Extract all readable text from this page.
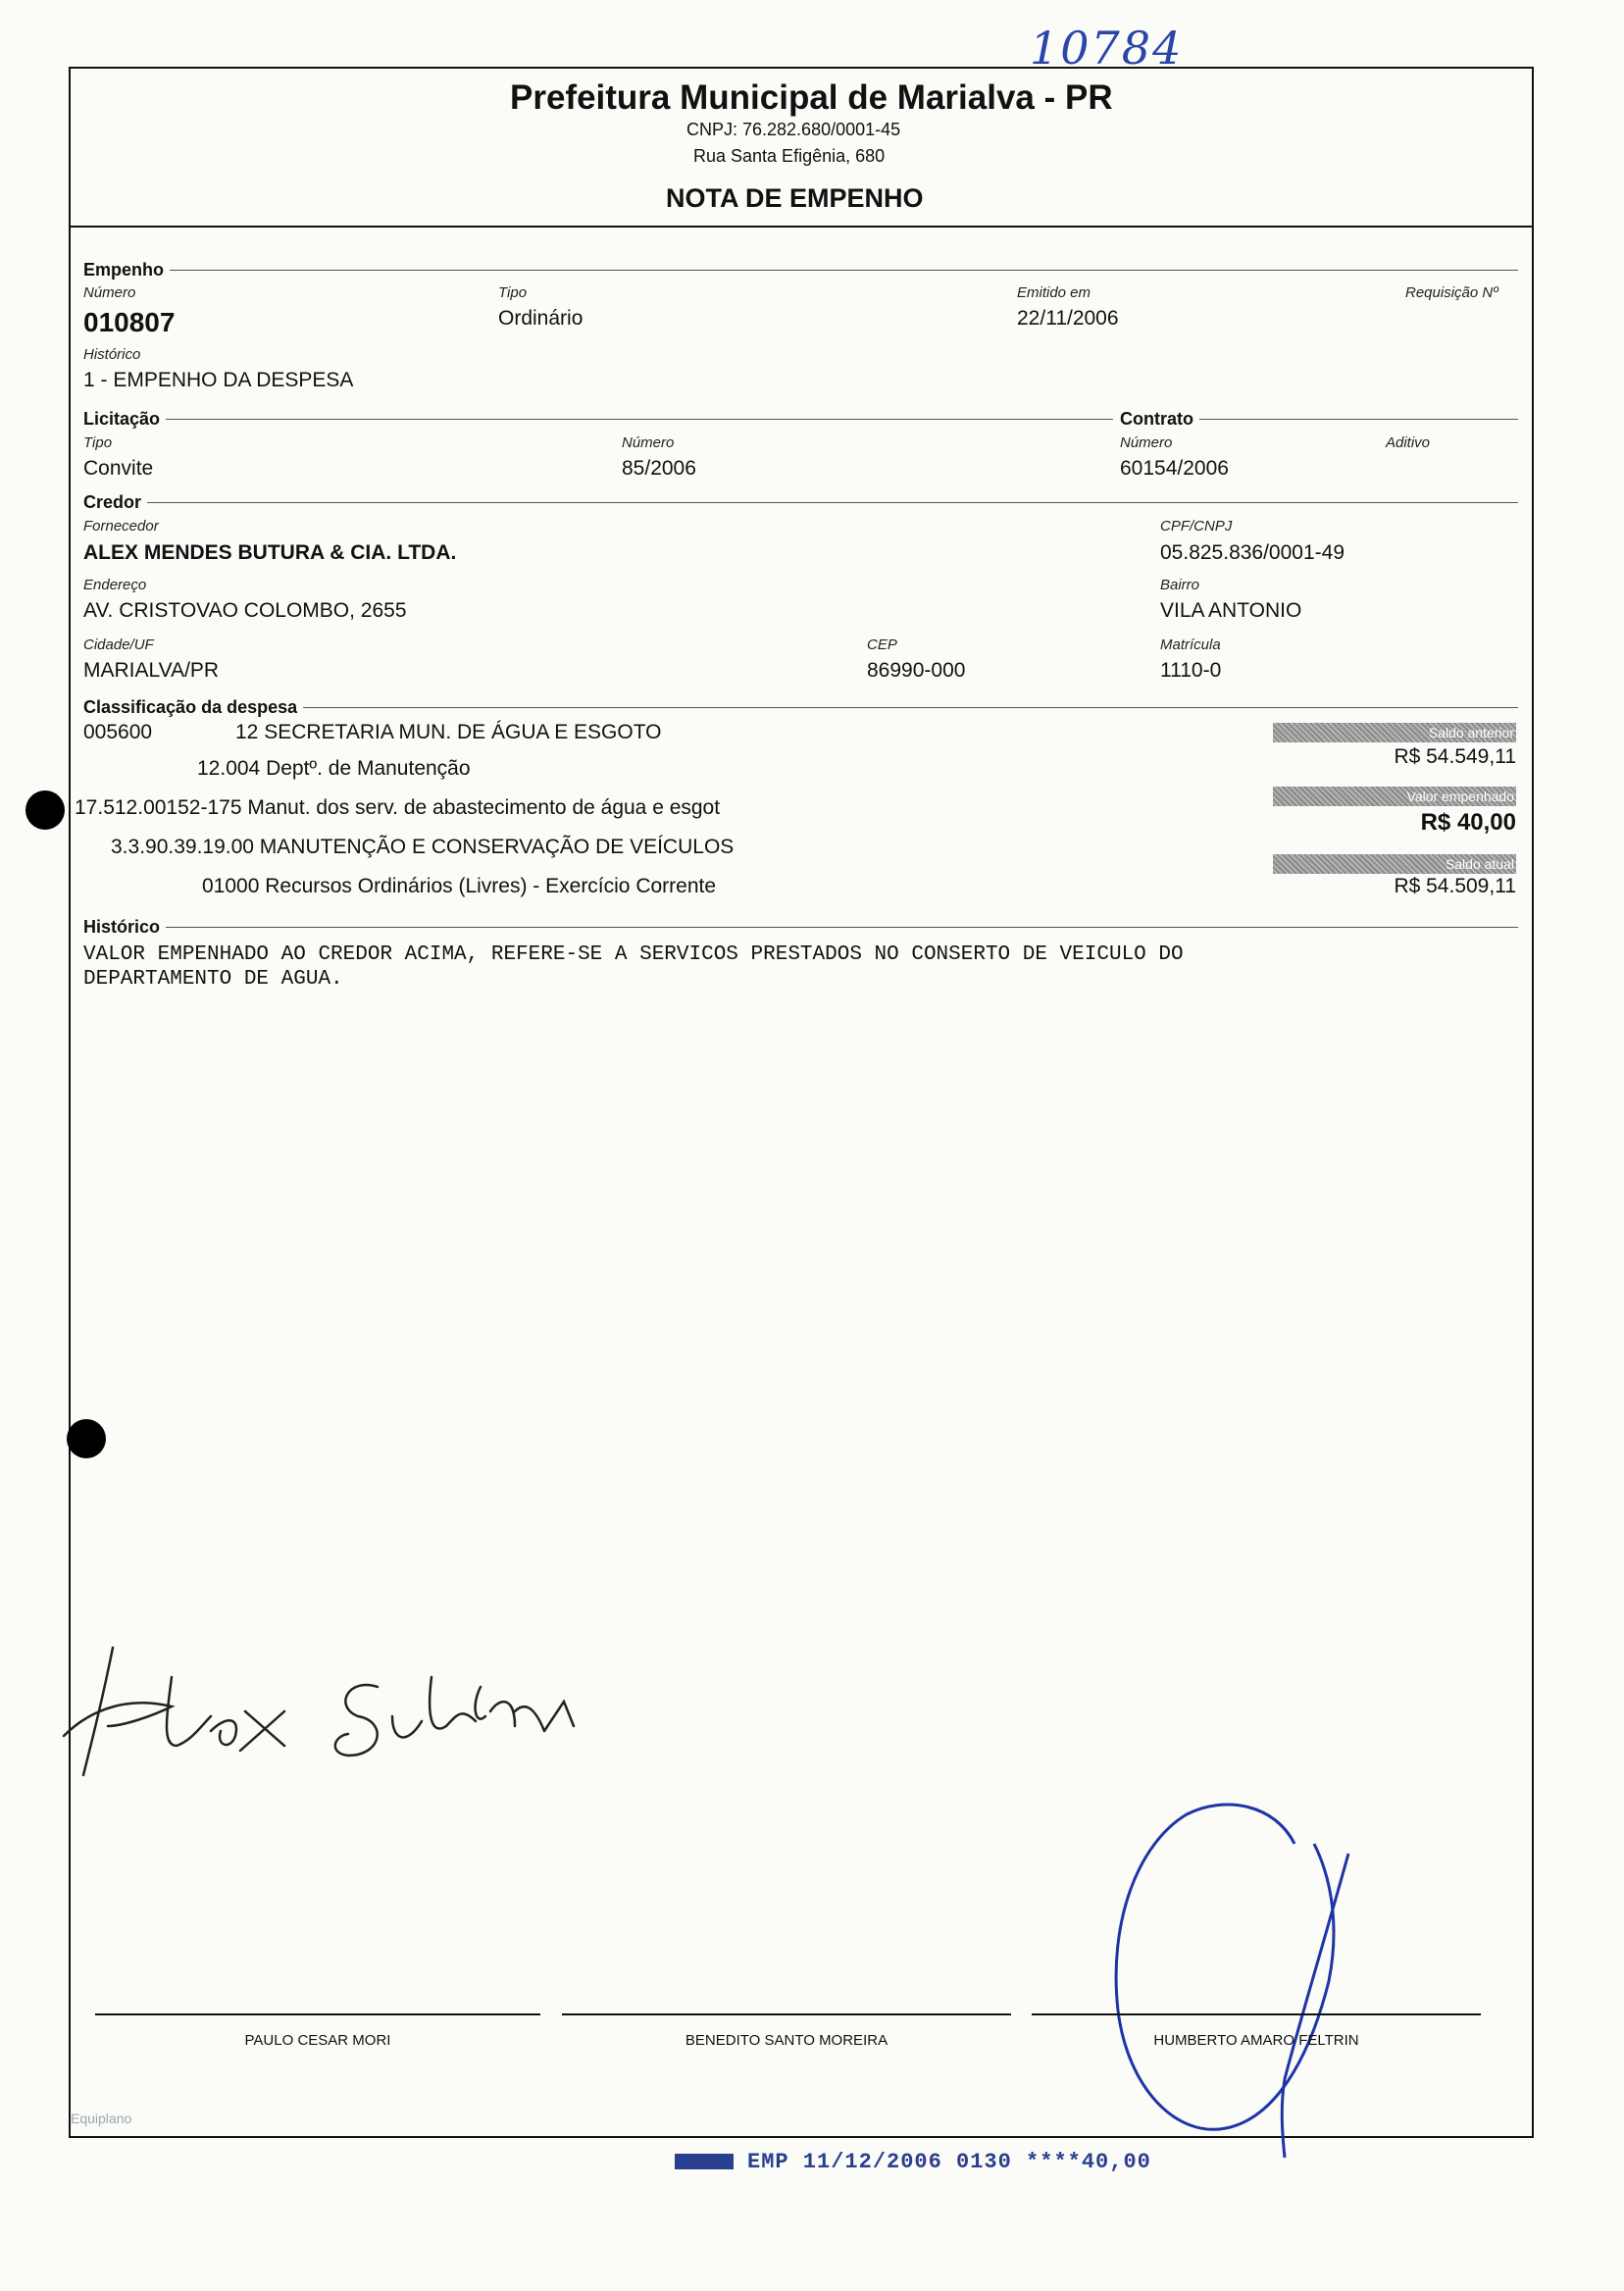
10784
Prefeitura Municipal de Marialva - PR
CNPJ: 76.282.680/0001-45
Rua Santa Efigênia, 680
NOTA DE EMPENHO
Empenho
Número
010807
Tipo
Ordinário
Emitido em
22/11/2006
Requisição Nº
Histórico
1 - EMPENHO DA DESPESA
Licitação	Contrato
Tipo
Convite
Número
85/2006
Número
60154/2006
Aditivo
Credor
Fornecedor
ALEX MENDES BUTURA & CIA. LTDA.
CPF/CNPJ
05.825.836/0001-49
Endereço
AV. CRISTOVAO COLOMBO, 2655
Bairro
VILA ANTONIO
Cidade/UF
MARIALVA/PR
CEP
86990-000
Matrícula
1110-0
Classificação da despesa
005600	12 SECRETARIA MUN. DE ÁGUA E ESGOTO
12.004 Deptº. de Manutenção
17.512.00152-175 Manut. dos serv. de abastecimento de água e esgot
3.3.90.39.19.00 MANUTENÇÃO E CONSERVAÇÃO DE VEÍCULOS
01000 Recursos Ordinários (Livres) - Exercício Corrente
Saldo anterior
R$ 54.549,11
Valor empenhado
R$ 40,00
Saldo atual
R$ 54.509,11
Histórico
VALOR EMPENHADO AO CREDOR ACIMA, REFERE-SE A SERVICOS PRESTADOS NO CONSERTO DE VEICULO DO
DEPARTAMENTO DE AGUA.
PAULO CESAR MORI	BENEDITO SANTO MOREIRA	HUMBERTO AMARO FELTRIN
Equiplano
EMP 11/12/2006 0130 ****40,00
